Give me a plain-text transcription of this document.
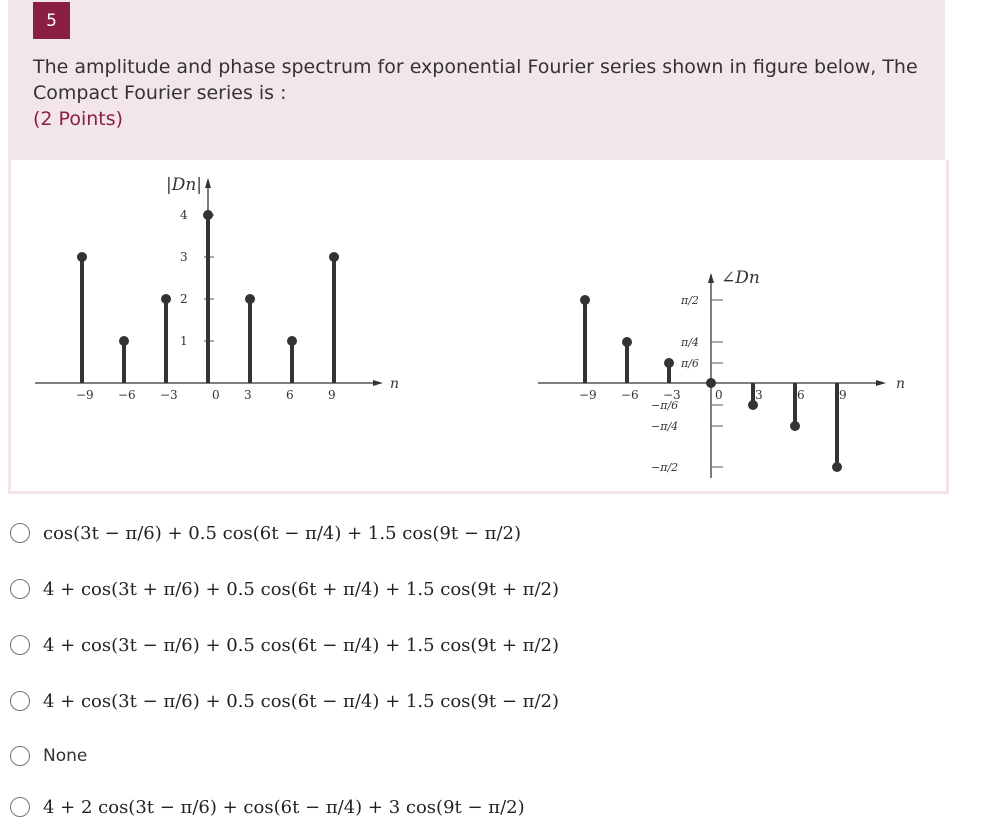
5
The amplitude and phase spectrum for exponential Fourier series shown in figure below, The Compact Fourier series is :
(2 Points)
|Dn|
n
1
2
3
4
−9 −6 −3	0 3	6	9
∠Dn
n
π/2
π/4
π/6
−π/6
−π/4
−π/2
−9 −6 −3	0	3	6	9
cos(3t − π/6) + 0.5 cos(6t − π/4) + 1.5 cos(9t − π/2)
4 + cos(3t + π/6) + 0.5 cos(6t + π/4) + 1.5 cos(9t + π/2)
4 + cos(3t − π/6) + 0.5 cos(6t − π/4) + 1.5 cos(9t + π/2)
4 + cos(3t − π/6) + 0.5 cos(6t − π/4) + 1.5 cos(9t − π/2)
None
4 + 2 cos(3t − π/6) + cos(6t − π/4) + 3 cos(9t − π/2)
